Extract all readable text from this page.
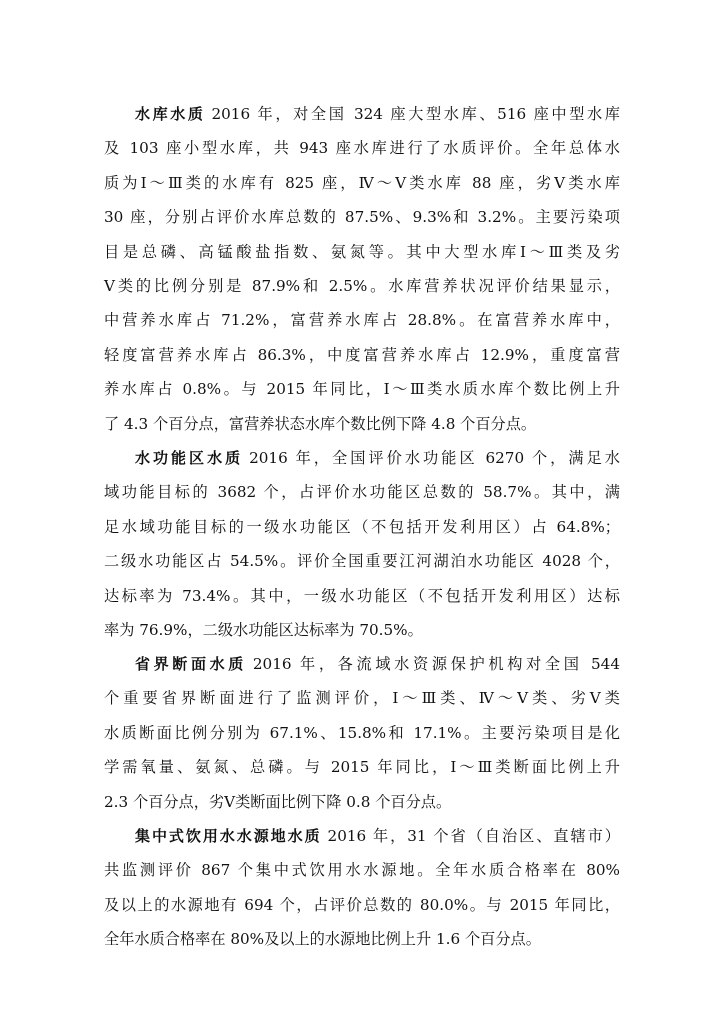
水库水质 2016 年，对全国 324 座大型水库、516 座中型水库
及 103 座小型水库，共 943 座水库进行了水质评价。全年总体水
质为Ⅰ～Ⅲ类的水库有 825 座，Ⅳ～Ⅴ类水库 88 座，劣Ⅴ类水库
30 座，分别占评价水库总数的 87.5%、9.3%和 3.2%。主要污染项
目是总磷、高锰酸盐指数、氨氮等。其中大型水库Ⅰ～Ⅲ类及劣
Ⅴ类的比例分别是 87.9%和 2.5%。水库营养状况评价结果显示，
中营养水库占 71.2%，富营养水库占 28.8%。在富营养水库中，
轻度富营养水库占 86.3%，中度富营养水库占 12.9%，重度富营
养水库占 0.8%。与 2015 年同比，Ⅰ～Ⅲ类水质水库个数比例上升
了 4.3 个百分点，富营养状态水库个数比例下降 4.8 个百分点。
水功能区水质 2016 年，全国评价水功能区 6270 个，满足水
域功能目标的 3682 个，占评价水功能区总数的 58.7%。其中，满
足水域功能目标的一级水功能区（不包括开发利用区）占 64.8%；
二级水功能区占 54.5%。评价全国重要江河湖泊水功能区 4028 个，
达标率为 73.4%。其中，一级水功能区（不包括开发利用区）达标
率为 76.9%，二级水功能区达标率为 70.5%。
省界断面水质 2016 年，各流域水资源保护机构对全国 544
个重要省界断面进行了监测评价，Ⅰ～Ⅲ类、Ⅳ～Ⅴ类、劣Ⅴ类
水质断面比例分别为 67.1%、15.8%和 17.1%。主要污染项目是化
学需氧量、氨氮、总磷。与 2015 年同比，Ⅰ～Ⅲ类断面比例上升
2.3 个百分点，劣Ⅴ类断面比例下降 0.8 个百分点。
集中式饮用水水源地水质 2016 年，31 个省（自治区、直辖市）
共监测评价 867 个集中式饮用水水源地。全年水质合格率在 80%
及以上的水源地有 694 个，占评价总数的 80.0%。与 2015 年同比，
全年水质合格率在 80%及以上的水源地比例上升 1.6 个百分点。
